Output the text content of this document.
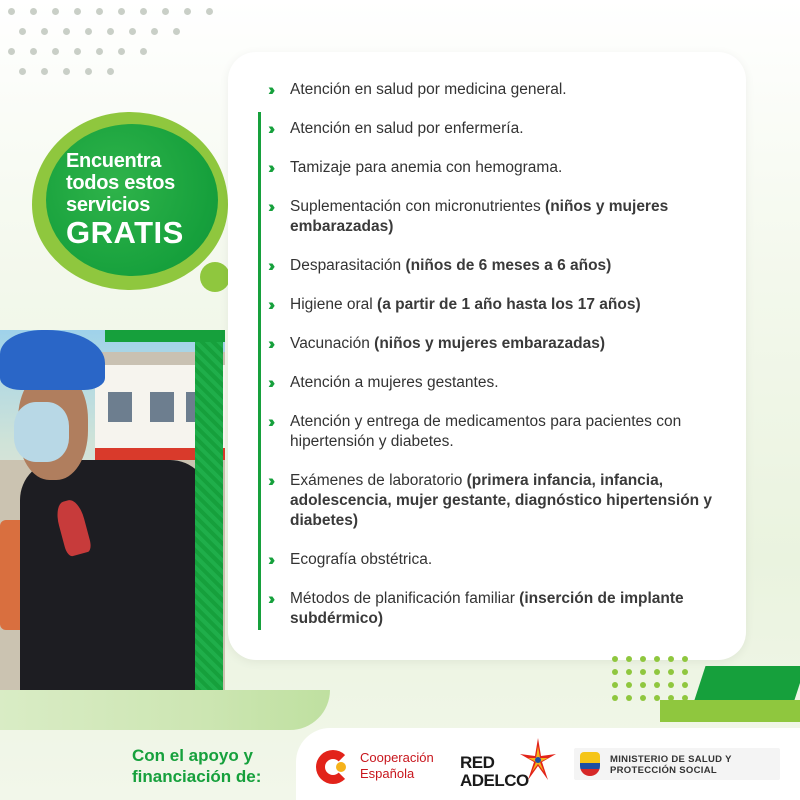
Encuentra
todos estos
servicios
GRATIS
››	Atención en salud por medicina general.
››	Atención en salud por enfermería.
››	Tamizaje para anemia con hemograma.
››	Suplementación con micronutrientes (niños y mujeres embarazadas)
››	Desparasitación (niños de 6 meses a 6 años)
››	Higiene oral (a partir de 1 año hasta los 17 años)
››	Vacunación (niños y mujeres embarazadas)
››	Atención a mujeres gestantes.
››	Atención y entrega de medicamentos para pacientes con hipertensión y diabetes.
››	Exámenes de laboratorio (primera infancia, infancia, adolescencia, mujer gestante, diagnóstico hipertensión y diabetes)
››	Ecografía obstétrica.
››	Métodos de planificación familiar (inserción de implante subdérmico)
Con el apoyo y
financiación de:
Cooperación
Española
RED
ADELCO
MINISTERIO DE SALUD Y
PROTECCIÓN SOCIAL
